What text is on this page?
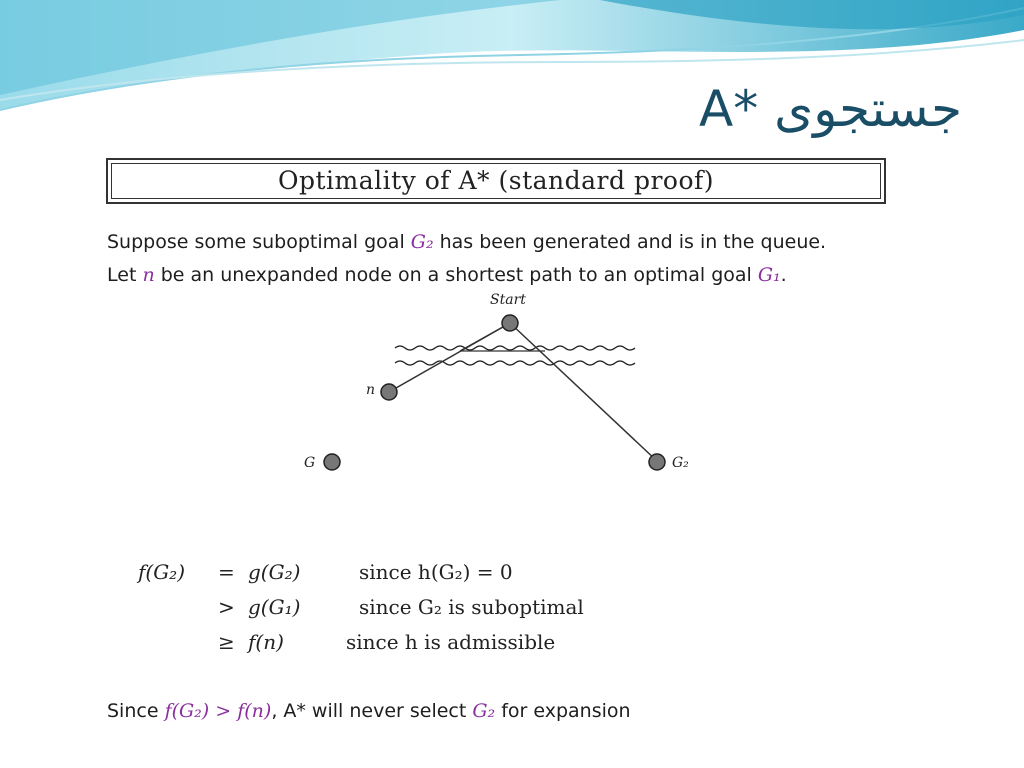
A* جستجوی
Optimality of A* (standard proof)
Suppose some suboptimal goal G₂ has been generated and is in the queue.
Let n be an unexpanded node on a shortest path to an optimal goal G₁.
Start
n
G	G₂
f(G₂) = g(G₂)	since h(G₂) = 0
> g(G₁)	since G₂ is suboptimal
≥ f(n)	since h is admissible
Since f(G₂) > f(n), A* will never select G₂ for expansion
